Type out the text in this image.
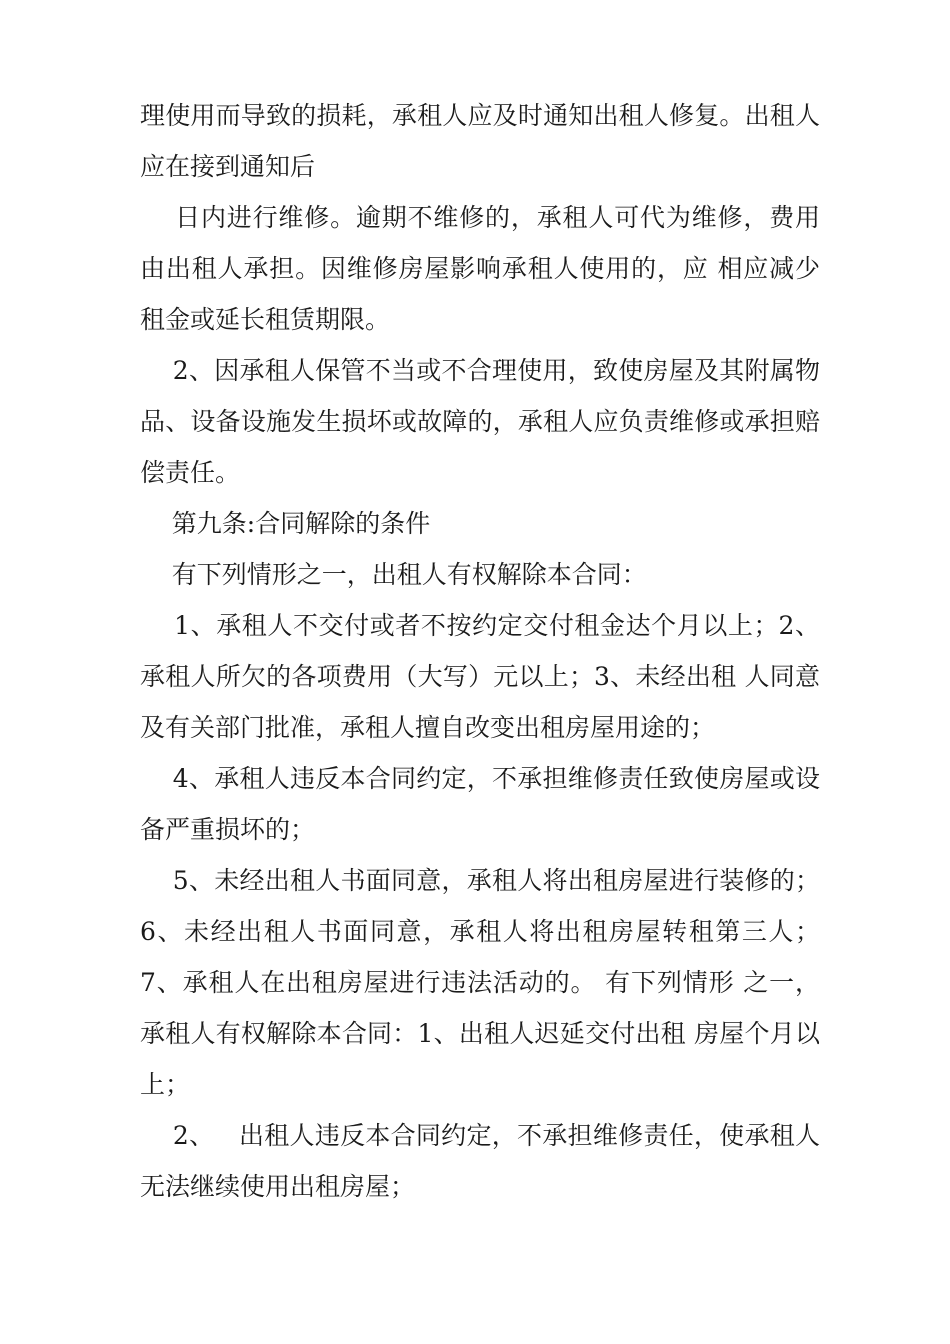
理使用而导致的损耗，承租人应及时通知出租人修复。出租人应在接到通知后

日内进行维修。逾期不维修的，承租人可代为维修，费用由出租人承担。因维修房屋影响承租人使用的，应 相应减少租金或延长租赁期限。

2、因承租人保管不当或不合理使用，致使房屋及其附属物品、设备设施发生损坏或故障的，承租人应负责维修或承担赔偿责任。

第九条:合同解除的条件

有下列情形之一，出租人有权解除本合同：

1、承租人不交付或者不按约定交付租金达个月以上；2、承租人所欠的各项费用（大写）元以上；3、未经出租 人同意及有关部门批准，承租人擅自改变出租房屋用途的；

4、承租人违反本合同约定，不承担维修责任致使房屋或设备严重损坏的；

5、未经出租人书面同意，承租人将出租房屋进行装修的；6、未经出租人书面同意，承租人将出租房屋转租第三人；7、承租人在出租房屋进行违法活动的。 有下列情形 之一，承租人有权解除本合同：1、出租人迟延交付出租 房屋个月以上；

2、   出租人违反本合同约定，不承担维修责任，使承租人无法继续使用出租房屋；
